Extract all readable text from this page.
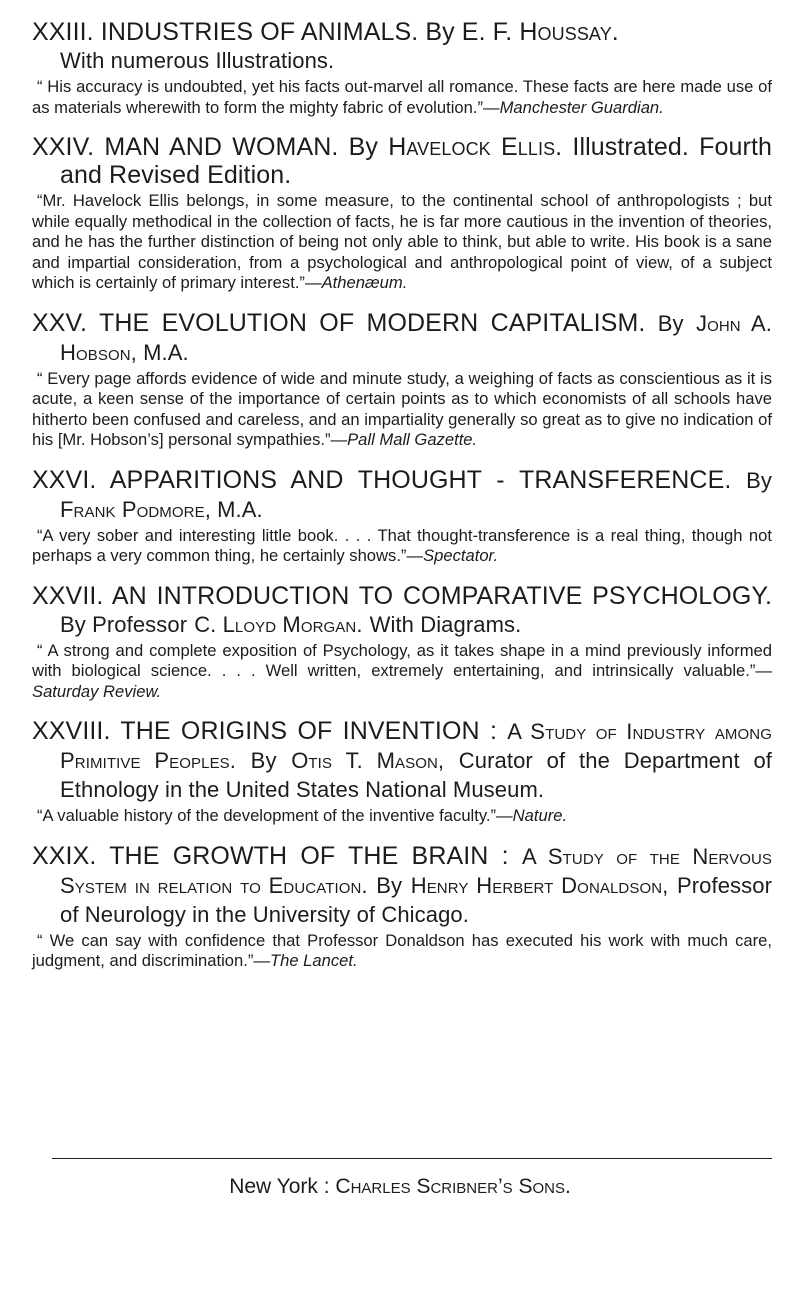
XXIII. INDUSTRIES OF ANIMALS. By E. F. Houssay.
With numerous Illustrations.
“ His accuracy is undoubted, yet his facts out-marvel all romance. These facts are here made use of as materials wherewith to form the mighty fabric of evolution.”—Manchester Guardian.
XXIV. MAN AND WOMAN. By Havelock Ellis. Illustrated. Fourth and Revised Edition.
“Mr. Havelock Ellis belongs, in some measure, to the continental school of anthropologists ; but while equally methodical in the collection of facts, he is far more cautious in the invention of theories, and he has the further distinction of being not only able to think, but able to write. His book is a sane and impartial consideration, from a psychological and anthropological point of view, of a subject which is certainly of primary interest.”—Athenæum.
XXV. THE EVOLUTION OF MODERN CAPITALISM. By John A. Hobson, M.A.
“ Every page affords evidence of wide and minute study, a weighing of facts as conscientious as it is acute, a keen sense of the importance of certain points as to which economists of all schools have hitherto been confused and careless, and an impartiality generally so great as to give no indication of his [Mr. Hobson’s] personal sympathies.”—Pall Mall Gazette.
XXVI. APPARITIONS AND THOUGHT - TRANSFERENCE. By Frank Podmore, M.A.
“A very sober and interesting little book. . . . That thought-transference is a real thing, though not perhaps a very common thing, he certainly shows.”—Spectator.
XXVII. AN INTRODUCTION TO COMPARATIVE PSYCHOLOGY. By Professor C. Lloyd Morgan. With Diagrams.
“ A strong and complete exposition of Psychology, as it takes shape in a mind previously informed with biological science. . . . Well written, extremely entertaining, and intrinsically valuable.”—Saturday Review.
XXVIII. THE ORIGINS OF INVENTION : A Study of Industry among Primitive Peoples. By Otis T. Mason, Curator of the Department of Ethnology in the United States National Museum.
“A valuable history of the development of the inventive faculty.”—Nature.
XXIX. THE GROWTH OF THE BRAIN : A Study of the Nervous System in relation to Education. By Henry Herbert Donaldson, Professor of Neurology in the University of Chicago.
“ We can say with confidence that Professor Donaldson has executed his work with much care, judgment, and discrimination.”—The Lancet.
New York : Charles Scribner’s Sons.
